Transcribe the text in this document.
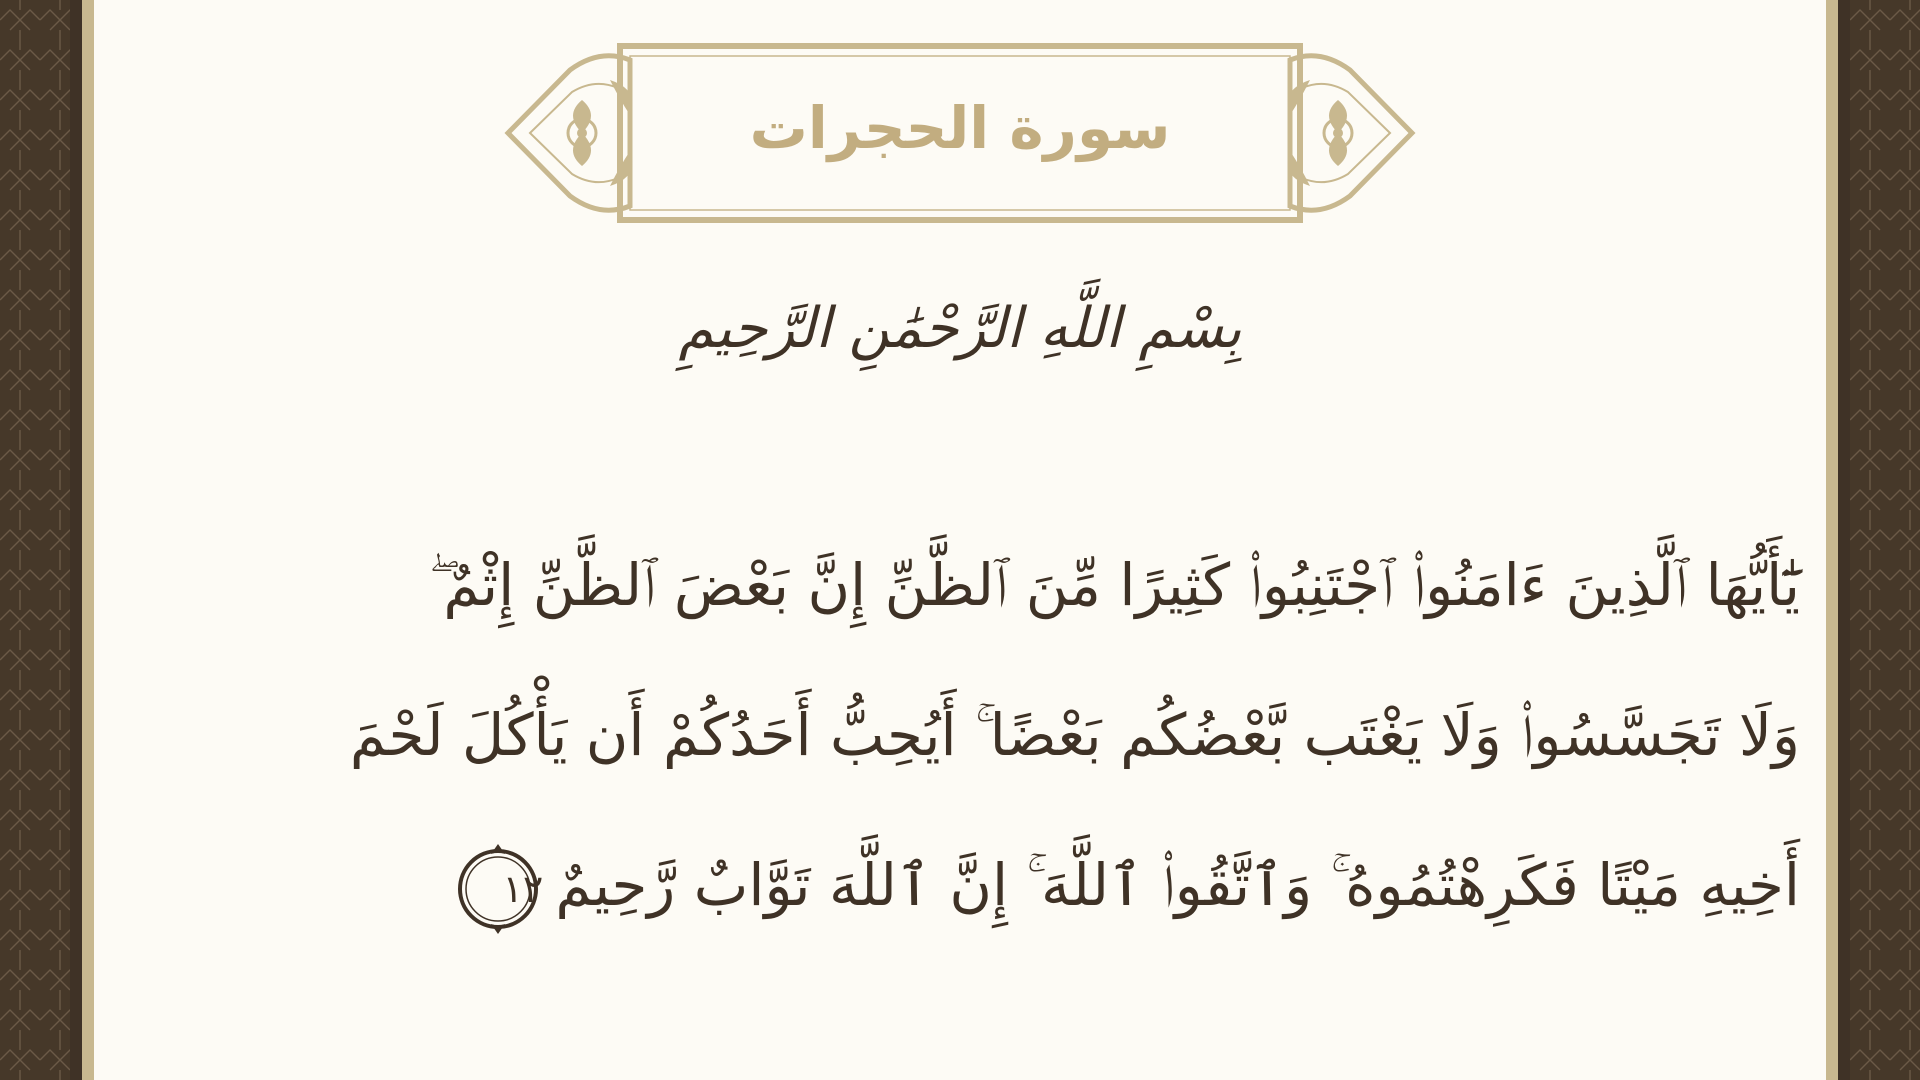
سورة الحجرات
بِسْمِ اللَّهِ الرَّحْمَٰنِ الرَّحِيمِ
يَٰٓأَيُّهَا ٱلَّذِينَ ءَامَنُوا۟ ٱجْتَنِبُوا۟ كَثِيرًا مِّنَ ٱلظَّنِّ إِنَّ بَعْضَ ٱلظَّنِّ إِثْمٌ ۖ
وَلَا تَجَسَّسُوا۟ وَلَا يَغْتَب بَّعْضُكُم بَعْضًا ۚ أَيُحِبُّ أَحَدُكُمْ أَن يَأْكُلَ لَحْمَ
أَخِيهِ مَيْتًا فَكَرِهْتُمُوهُ ۚ وَٱتَّقُوا۟ ٱللَّهَ ۚ إِنَّ ٱللَّهَ تَوَّابٌ رَّحِيمٌ
١٢
